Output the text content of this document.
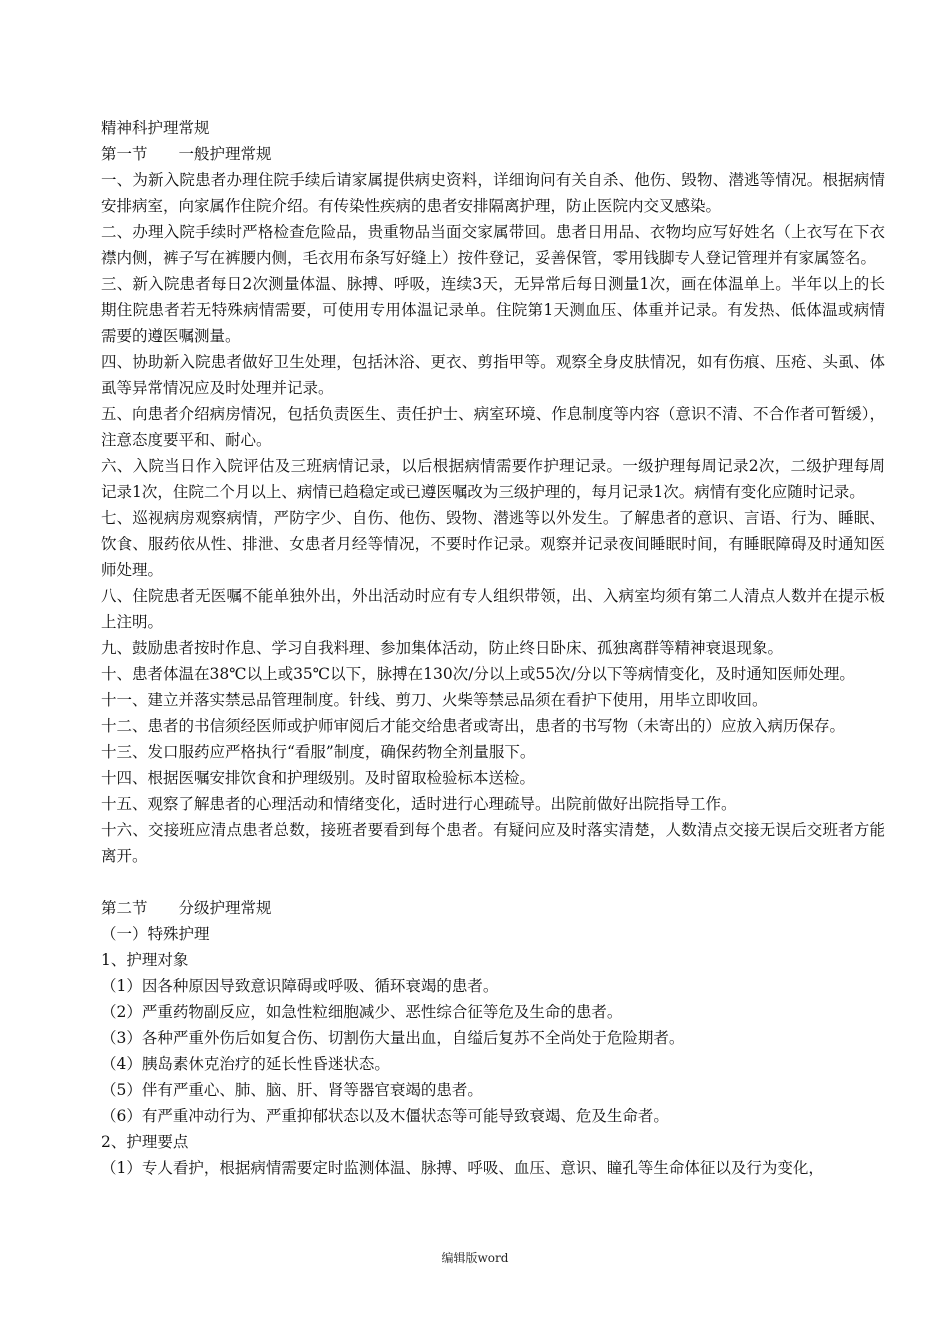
精神科护理常规
第一节　　一般护理常规
一、为新入院患者办理住院手续后请家属提供病史资料，详细询问有关自杀、他伤、毁物、潜逃等情况。根据病情安排病室，向家属作住院介绍。有传染性疾病的患者安排隔离护理，防止医院内交叉感染。
二、办理入院手续时严格检查危险品，贵重物品当面交家属带回。患者日用品、衣物均应写好姓名（上衣写在下衣襟内侧，裤子写在裤腰内侧，毛衣用布条写好缝上）按件登记，妥善保管，零用钱脚专人登记管理并有家属签名。
三、新入院患者每日2次测量体温、脉搏、呼吸，连续3天，无异常后每日测量1次，画在体温单上。半年以上的长期住院患者若无特殊病情需要，可使用专用体温记录单。住院第1天测血压、体重并记录。有发热、低体温或病情需要的遵医嘱测量。
四、协助新入院患者做好卫生处理，包括沐浴、更衣、剪指甲等。观察全身皮肤情况，如有伤痕、压疮、头虱、体虱等异常情况应及时处理并记录。
五、向患者介绍病房情况，包括负责医生、责任护士、病室环境、作息制度等内容（意识不清、不合作者可暂缓），注意态度要平和、耐心。
六、入院当日作入院评估及三班病情记录，以后根据病情需要作护理记录。一级护理每周记录2次，二级护理每周记录1次，住院二个月以上、病情已趋稳定或已遵医嘱改为三级护理的，每月记录1次。病情有变化应随时记录。
七、巡视病房观察病情，严防字少、自伤、他伤、毁物、潜逃等以外发生。了解患者的意识、言语、行为、睡眠、饮食、服药依从性、排泄、女患者月经等情况，不要时作记录。观察并记录夜间睡眠时间，有睡眠障碍及时通知医师处理。
八、住院患者无医嘱不能单独外出，外出活动时应有专人组织带领，出、入病室均须有第二人清点人数并在提示板上注明。
九、鼓励患者按时作息、学习自我料理、参加集体活动，防止终日卧床、孤独离群等精神衰退现象。
十、患者体温在38℃以上或35℃以下，脉搏在130次/分以上或55次/分以下等病情变化，及时通知医师处理。
十一、建立并落实禁忌品管理制度。针线、剪刀、火柴等禁忌品须在看护下使用，用毕立即收回。
十二、患者的书信须经医师或护师审阅后才能交给患者或寄出，患者的书写物（未寄出的）应放入病历保存。
十三、发口服药应严格执行“看服”制度，确保药物全剂量服下。
十四、根据医嘱安排饮食和护理级别。及时留取检验标本送检。
十五、观察了解患者的心理活动和情绪变化，适时进行心理疏导。出院前做好出院指导工作。
十六、交接班应清点患者总数，接班者要看到每个患者。有疑问应及时落实清楚，人数清点交接无误后交班者方能离开。
第二节　　分级护理常规
（一）特殊护理
1、护理对象
（1）因各种原因导致意识障碍或呼吸、循环衰竭的患者。
（2）严重药物副反应，如急性粒细胞减少、恶性综合征等危及生命的患者。
（3）各种严重外伤后如复合伤、切割伤大量出血，自缢后复苏不全尚处于危险期者。
（4）胰岛素休克治疗的延长性昏迷状态。
（5）伴有严重心、肺、脑、肝、肾等器官衰竭的患者。
（6）有严重冲动行为、严重抑郁状态以及木僵状态等可能导致衰竭、危及生命者。
2、护理要点
（1）专人看护，根据病情需要定时监测体温、脉搏、呼吸、血压、意识、瞳孔等生命体征以及行为变化，
编辑版word
